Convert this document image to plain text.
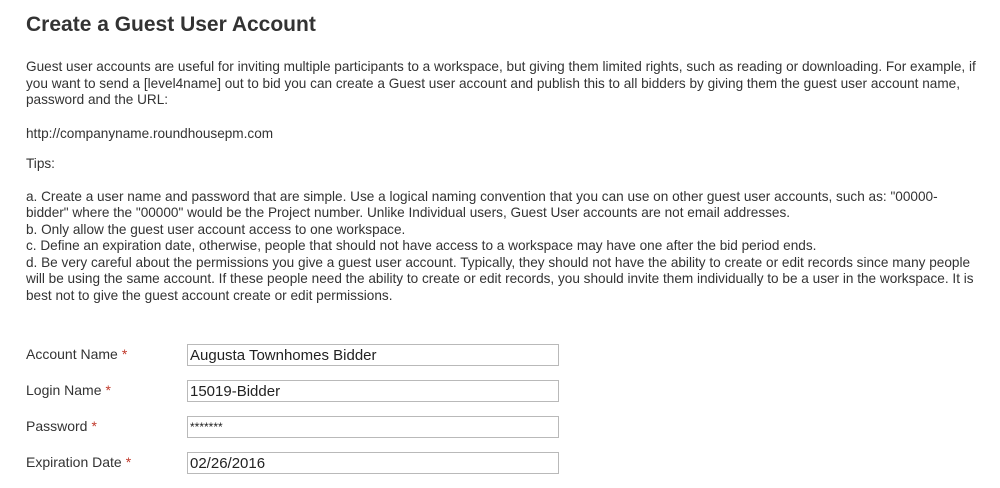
Create a Guest User Account
Guest user accounts are useful for inviting multiple participants to a workspace, but giving them limited rights, such as reading or downloading. For example, if you want to send a [level4name] out to bid you can create a Guest user account and publish this to all bidders by giving them the guest user account name, password and the URL:
http://companyname.roundhousepm.com
Tips:
a. Create a user name and password that are simple. Use a logical naming convention that you can use on other guest user accounts, such as: "00000-bidder" where the "00000" would be the Project number. Unlike Individual users, Guest User accounts are not email addresses.
b. Only allow the guest user account access to one workspace.
c. Define an expiration date, otherwise, people that should not have access to a workspace may have one after the bid period ends.
d. Be very careful about the permissions you give a guest user account. Typically, they should not have the ability to create or edit records since many people will be using the same account. If these people need the ability to create or edit records, you should invite them individually to be a user in the workspace. It is best not to give the guest account create or edit permissions.
Account Name *
Augusta Townhomes Bidder
Login Name *
15019-Bidder
Password *
*******
Expiration Date *
02/26/2016
